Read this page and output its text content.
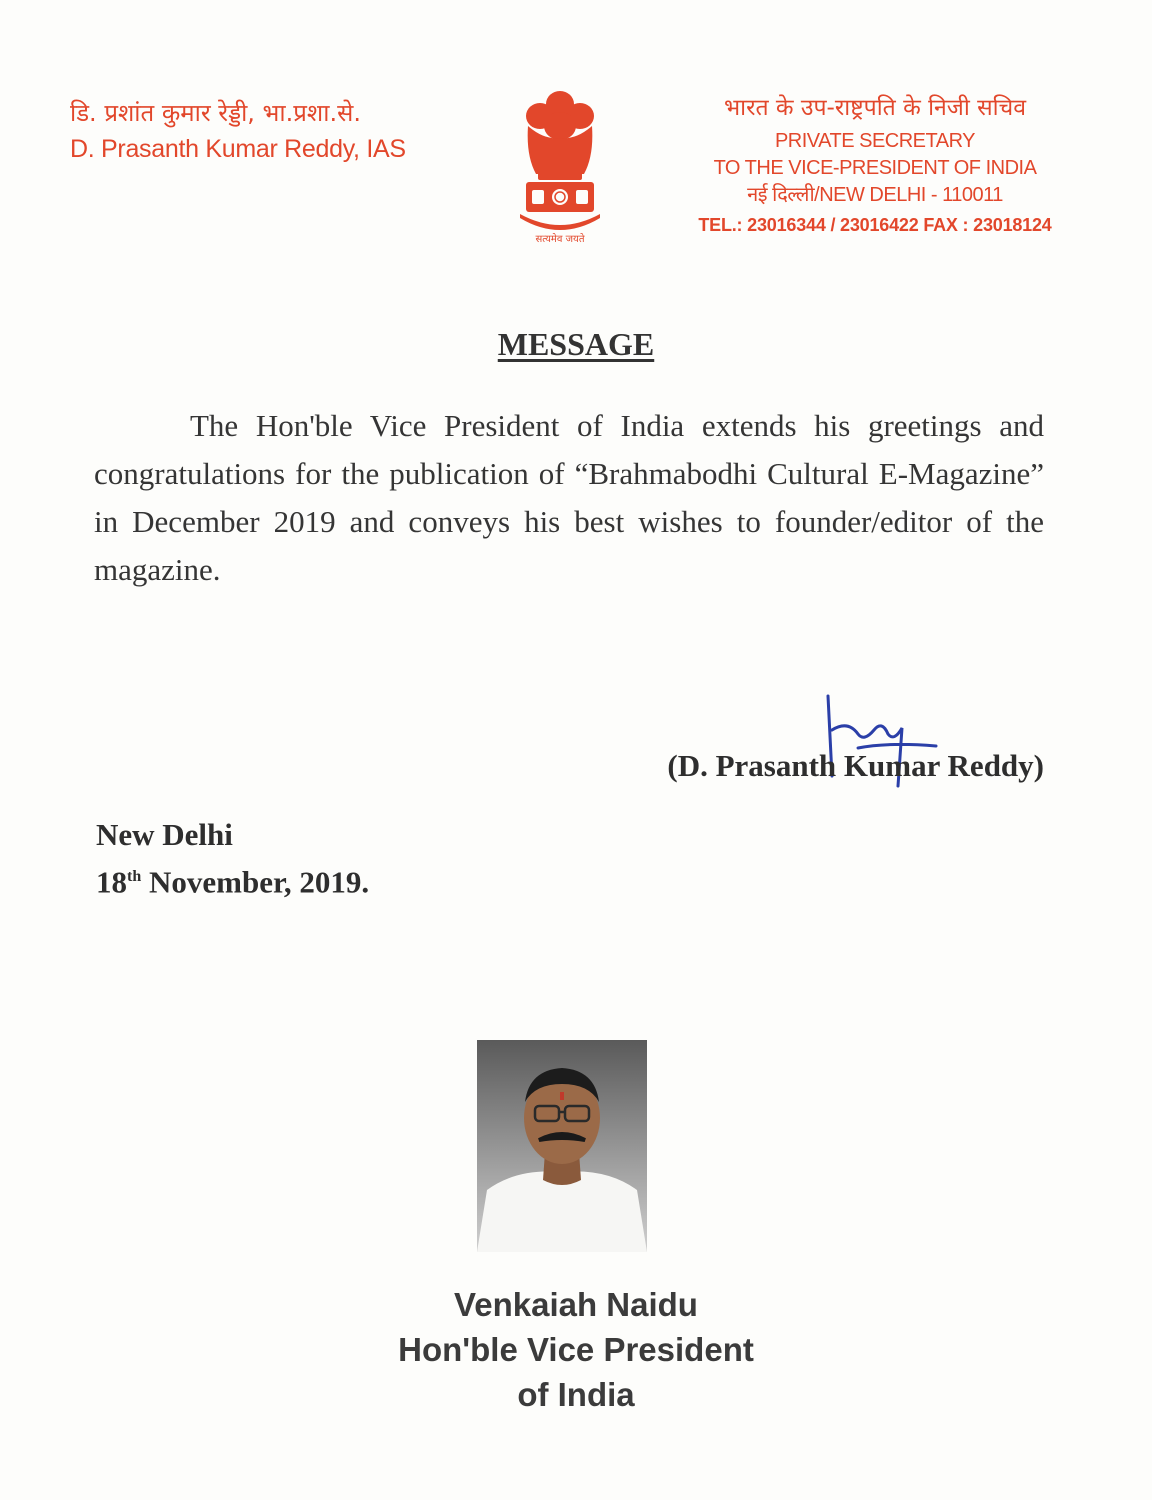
डि. प्रशांत कुमार रेड्डी, भा.प्रशा.से.
D. Prasanth Kumar Reddy, IAS
सत्यमेव जयते
भारत के उप-राष्ट्रपति के निजी सचिव
PRIVATE SECRETARY
TO THE VICE-PRESIDENT OF INDIA
नई दिल्ली/NEW DELHI - 110011
TEL.: 23016344 / 23016422 FAX : 23018124
MESSAGE
The Hon'ble Vice President of India extends his greetings and congratulations for the publication of “Brahmabodhi Cultural E-Magazine” in December 2019 and conveys his best wishes to founder/editor of the magazine.
(D. Prasanth Kumar Reddy)
New Delhi
18th November, 2019.
Venkaiah Naidu
Hon'ble Vice President
of India
